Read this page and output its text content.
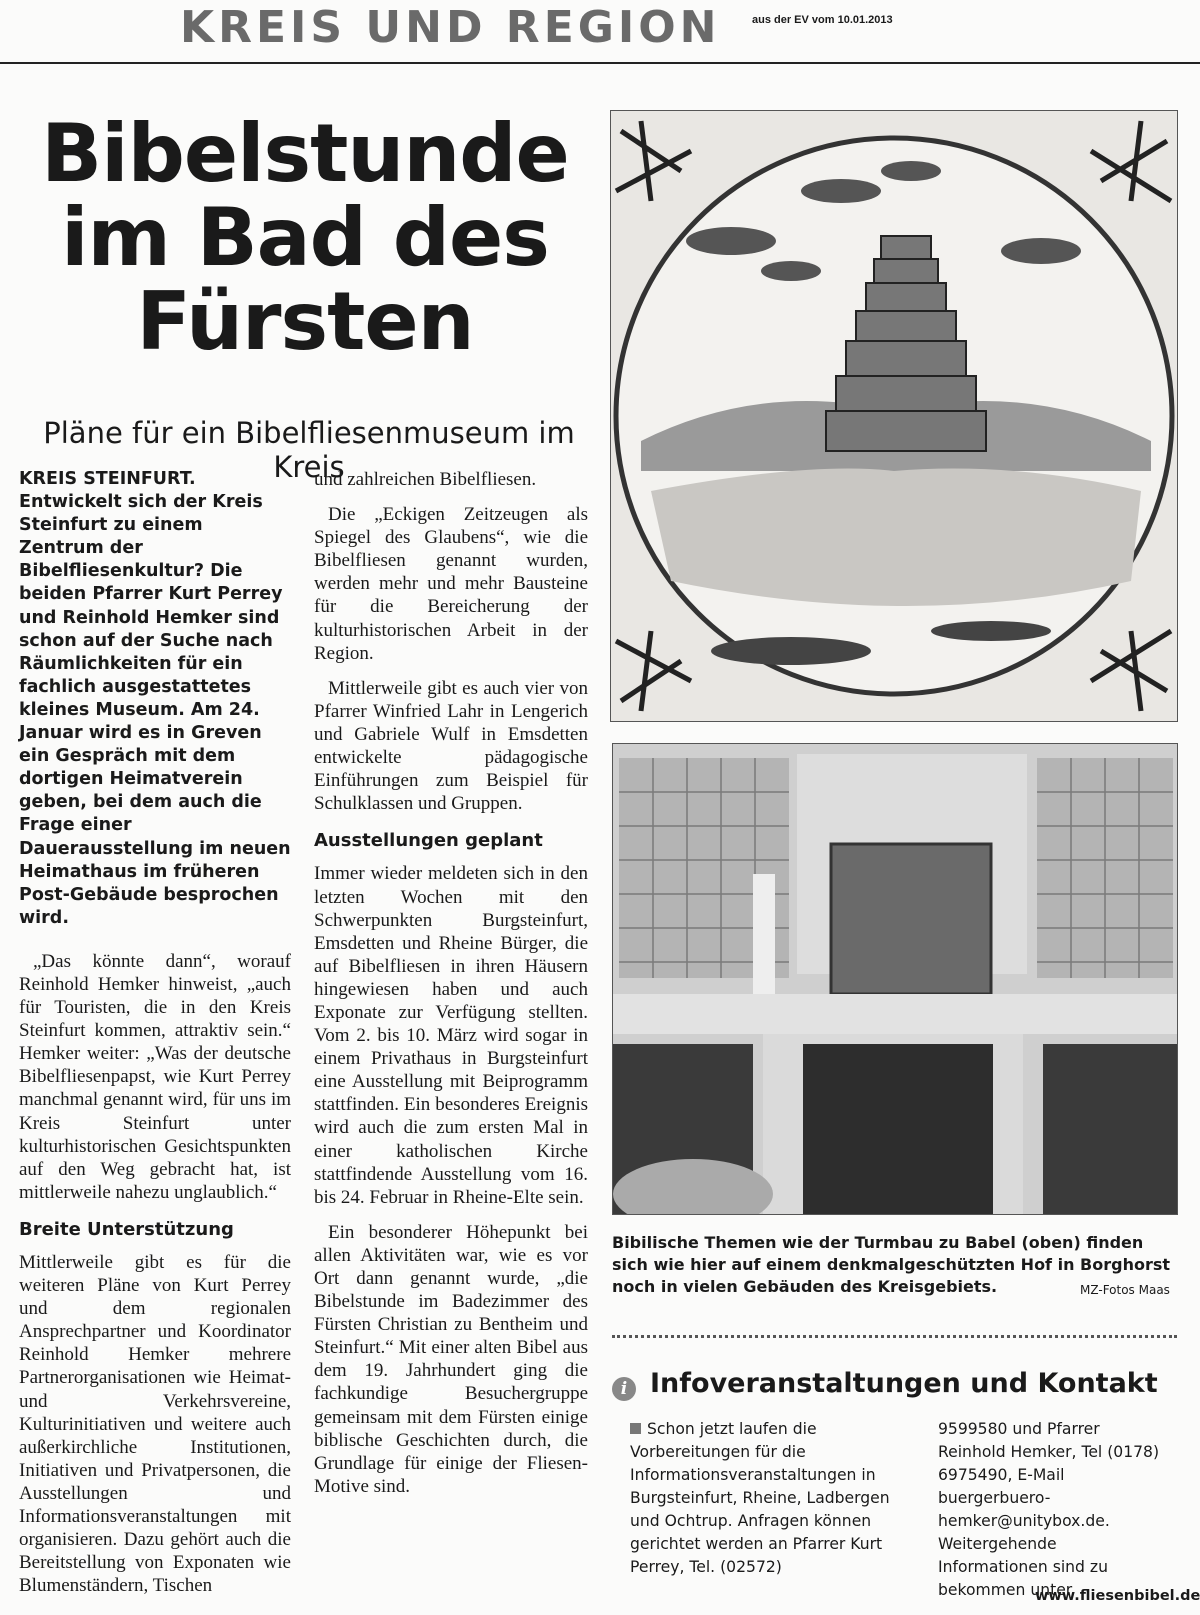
KREIS UND REGION	aus der EV vom 10.01.2013
Bibelstunde
im Bad des
Fürsten
Pläne für ein Bibelfliesenmuseum im Kreis

KREIS STEINFURT. Entwickelt sich der Kreis Steinfurt zu einem Zentrum der Bibelfliesenkultur? Die beiden Pfarrer Kurt Perrey und Reinhold Hemker sind schon auf der Suche nach Räumlichkeiten für ein fachlich ausgestattetes kleines Museum. Am 24. Januar wird es in Greven ein Gespräch mit dem dortigen Heimatverein geben, bei dem auch die Frage einer Dauerausstellung im neuen Heimathaus im früheren Post-Gebäude besprochen wird.

„Das könnte dann“, worauf Reinhold Hemker hinweist, „auch für Touristen, die in den Kreis Steinfurt kommen, attraktiv sein.“ Hemker weiter: „Was der deutsche Bibelfliesenpapst, wie Kurt Perrey manchmal genannt wird, für uns im Kreis Steinfurt unter kulturhistorischen Gesichtspunkten auf den Weg gebracht hat, ist mittlerweile nahezu unglaublich.“

Breite Unterstützung

Mittlerweile gibt es für die weiteren Pläne von Kurt Perrey und dem regionalen Ansprechpartner und Koordinator Reinhold Hemker mehrere Partnerorganisationen wie Heimat- und Verkehrsvereine, Kulturinitiativen und weitere auch außerkirchliche Institutionen, Initiativen und Privatpersonen, die Ausstellungen und Informationsveranstaltungen mit organisieren. Dazu gehört auch die Bereitstellung von Exponaten wie Blumenständern, Tischen

und zahlreichen Bibelfliesen.

Die „Eckigen Zeitzeugen als Spiegel des Glaubens“, wie die Bibelfliesen genannt wurden, werden mehr und mehr Bausteine für die Bereicherung der kulturhistorischen Arbeit in der Region.

Mittlerweile gibt es auch vier von Pfarrer Winfried Lahr in Lengerich und Gabriele Wulf in Emsdetten entwickelte pädagogische Einführungen zum Beispiel für Schulklassen und Gruppen.

Ausstellungen geplant

Immer wieder meldeten sich in den letzten Wochen mit den Schwerpunkten Burgsteinfurt, Emsdetten und Rheine Bürger, die auf Bibelfliesen in ihren Häusern hingewiesen haben und auch Exponate zur Verfügung stellten. Vom 2. bis 10. März wird sogar in einem Privathaus in Burgsteinfurt eine Ausstellung mit Beiprogramm stattfinden. Ein besonderes Ereignis wird auch die zum ersten Mal in einer katholischen Kirche stattfindende Ausstellung vom 16. bis 24. Februar in Rheine-Elte sein.

Ein besonderer Höhepunkt bei allen Aktivitäten war, wie es vor Ort dann genannt wurde, „die Bibelstunde im Badezimmer des Fürsten Christian zu Bentheim und Steinfurt.“ Mit einer alten Bibel aus dem 19. Jahrhundert ging die fachkundige Besuchergruppe gemeinsam mit dem Fürsten einige biblische Geschichten durch, die Grundlage für einige der Fliesen-Motive sind.

Bibilische Themen wie der Turmbau zu Babel (oben) finden sich wie hier auf einem denkmalgeschützten Hof in Borghorst noch in vielen Gebäuden des Kreisgebiets.	MZ-Fotos Maas
i Infoveranstaltungen und Kontakt
Schon jetzt laufen die Vorbereitungen für die Informationsveranstaltungen in Burgsteinfurt, Rheine, Ladbergen und Ochtrup. Anfragen können gerichtet werden an Pfarrer Kurt Perrey, Tel. (02572)
9599580 und Pfarrer Reinhold Hemker, Tel (0178) 6975490, E-Mail buergerbuero-hemker@unitybox.de. Weitergehende Informationen sind zu bekommen unter
www.fliesenbibel.de
